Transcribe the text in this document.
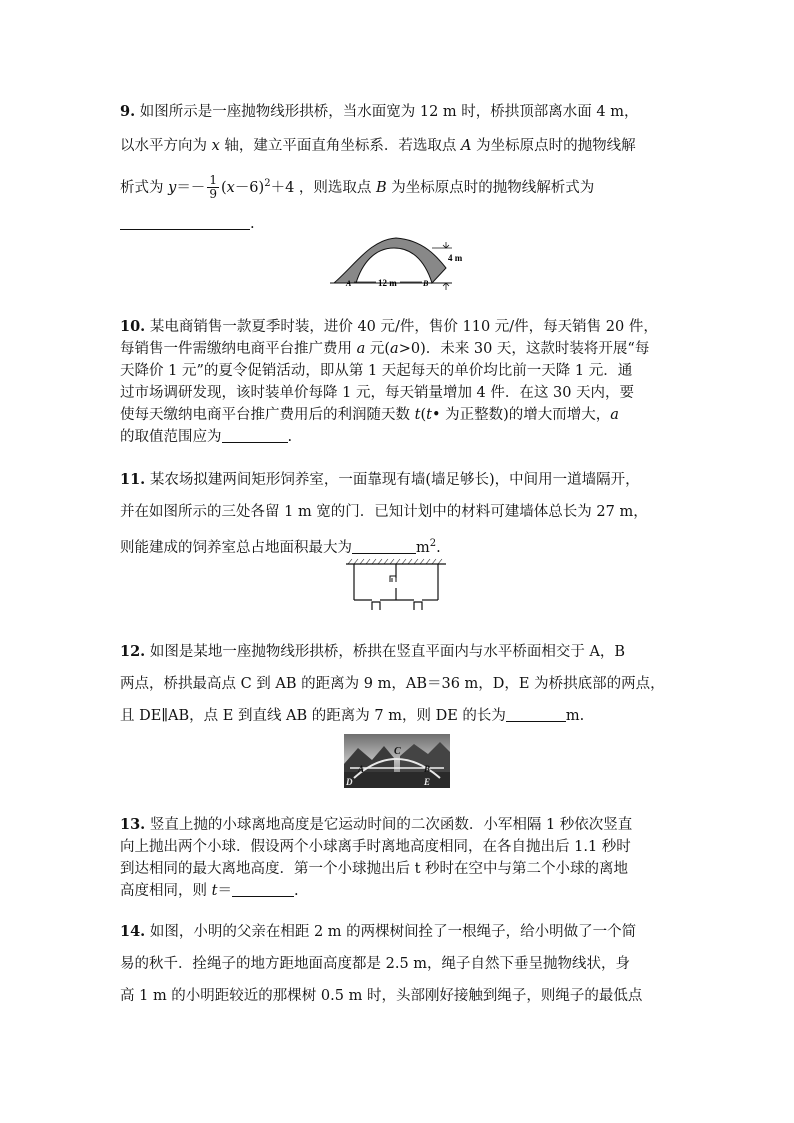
9. 如图所示是一座抛物线形拱桥，当水面宽为 12 m 时，桥拱顶部离水面 4 m，
以水平方向为 x 轴，建立平面直角坐标系．若选取点 A 为坐标原点时的抛物线解
析式为 $y=- \frac{1}{9} (x-6)^2+4$ ，则选取点 B 为坐标原点时的抛物线解析式为
.
4 m
12 m
A	B
10. 某电商销售一款夏季时装，进价 40 元/件，售价 110 元/件，每天销售 20 件，
每销售一件需缴纳电商平台推广费用 a 元(a>0)．未来 30 天，这款时装将开展“每
天降价 1 元”的夏令促销活动，即从第 1 天起每天的单价均比前一天降 1 元．通
过市场调研发现，该时装单价每降 1 元，每天销量增加 4 件．在这 30 天内，要
使每天缴纳电商平台推广费用后的利润随天数 t(t• 为正整数)的增大而增大，a
的取值范围应为	.
11. 某农场拟建两间矩形饲养室，一面靠现有墙(墙足够长)，中间用一道墙隔开，
并在如图所示的三处各留 1 m 宽的门．已知计划中的材料可建墙体总长为 27 m，
则能建成的饲养室总占地面积最大为	$m^2$.
12. 如图是某地一座抛物线形拱桥，桥拱在竖直平面内与水平桥面相交于 A，B
两点，桥拱最高点 C 到 AB 的距离为 9 m，AB＝36 m，D，E 为桥拱底部的两点，
且 DE∥AB，点 E 到直线 AB 的距离为 7 m，则 DE 的长为	m.
C
A	B
D	E
13. 竖直上抛的小球离地高度是它运动时间的二次函数．小军相隔 1 秒依次竖直
向上抛出两个小球．假设两个小球离手时离地高度相同，在各自抛出后 1.1 秒时
到达相同的最大离地高度．第一个小球抛出后 t 秒时在空中与第二个小球的离地
高度相同，则 t＝	.
14. 如图，小明的父亲在相距 2 m 的两棵树间拴了一根绳子，给小明做了一个简
易的秋千．拴绳子的地方距地面高度都是 2.5 m，绳子自然下垂呈抛物线状，身
高 1 m 的小明距较近的那棵树 0.5 m 时，头部刚好接触到绳子，则绳子的最低点
